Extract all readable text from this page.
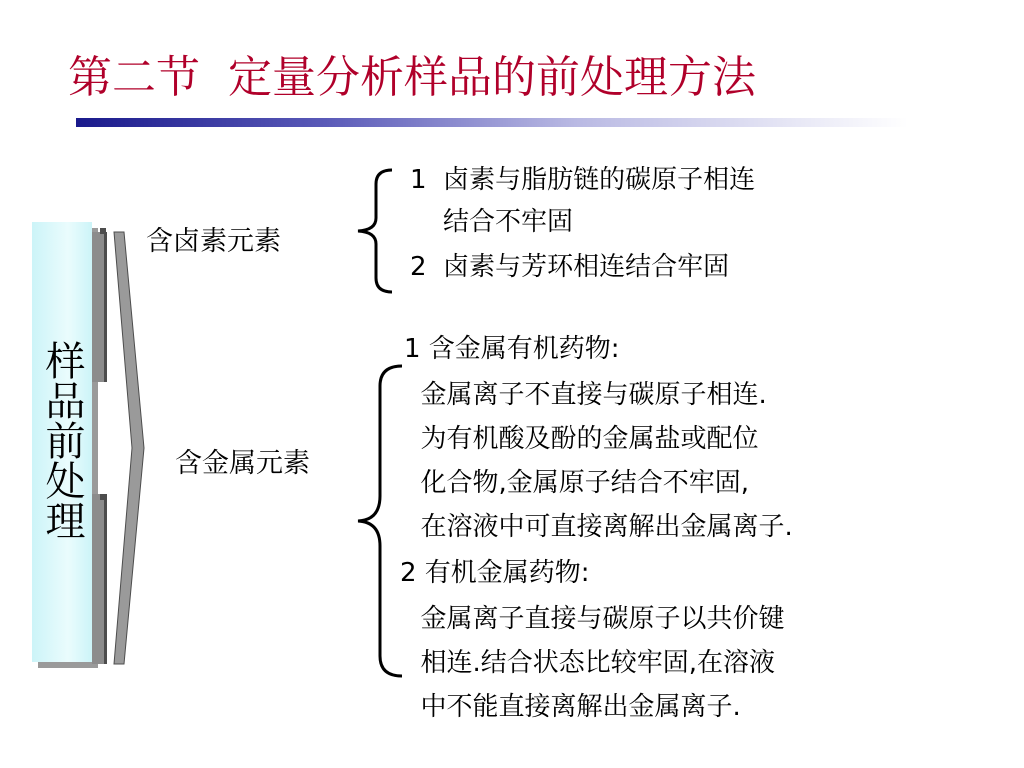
第二节  定量分析样品的前处理方法
样品前处理
含卤素元素
含金属元素
1  卤素与脂肪链的碳原子相连
结合不牢固
2  卤素与芳环相连结合牢固
1 含金属有机药物:
金属离子不直接与碳原子相连.
为有机酸及酚的金属盐或配位
化合物,金属原子结合不牢固,
在溶液中可直接离解出金属离子.
2 有机金属药物:
金属离子直接与碳原子以共价键
相连.结合状态比较牢固,在溶液
中不能直接离解出金属离子.
